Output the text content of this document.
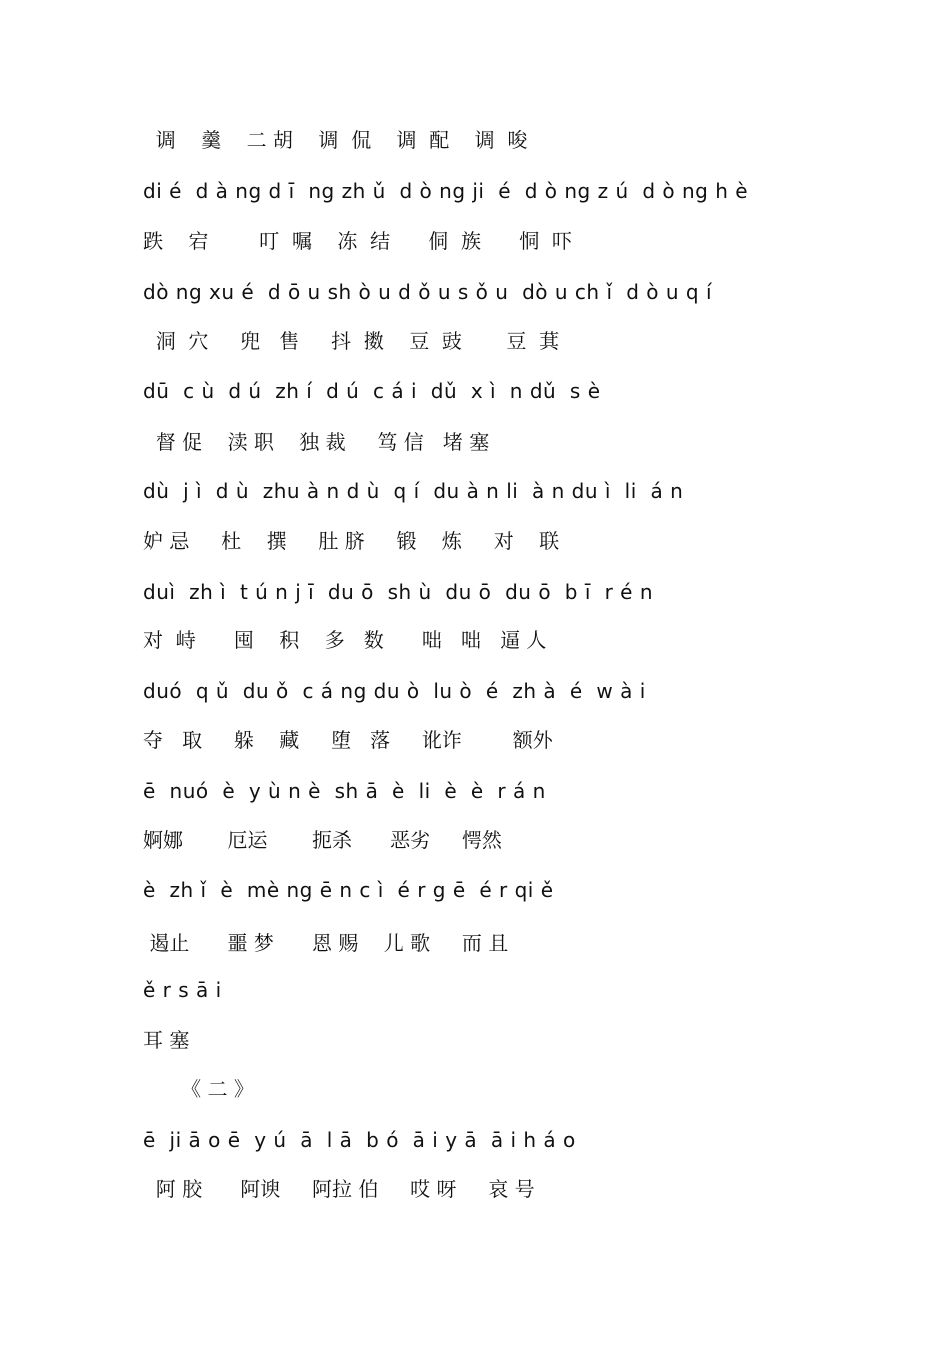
调    羹    二 胡    调  侃    调  配    调  唆
di é  d à ng d ī  ng zh ǔ  d ò ng ji  é  d ò ng z ú  d ò ng h è
跌    宕        叮  嘱    冻  结      侗  族      恫  吓
dò ng xu é  d ō u sh ò u d ǒ u s ǒ u  dò u ch ǐ  d ò u q í
洞  穴     兜   售     抖  擞    豆  豉       豆  萁
dū  c ù  d ú  zh í  d ú  c á i  dǔ  x ì  n dǔ  s è
督 促    渎 职    独 裁     笃 信   堵 塞
dù  j ì  d ù  zhu à n d ù  q í  du à n li  à n du ì  li  á n
妒 忌     杜    撰     肚 脐     锻    炼     对    联
duì  zh ì  t ú n j ī  du ō  sh ù  du ō  du ō  b ī  r é n
对  峙      囤    积    多   数      咄   咄   逼 人
duó  q ǔ  du ǒ  c á ng du ò  lu ò  é  zh à  é  w à i
夺   取     躲    藏     堕   落     讹诈        额外
ē  nuó  è  y ù n è  sh ā  è  li  è  è  r á n
婀娜       厄运       扼杀      恶劣     愕然
è  zh ǐ  è  mè ng ē n c ì  é r g ē  é r qi ě
遏止      噩 梦      恩 赐    儿 歌     而 且
ě r s ā i
耳 塞
《 二 》
ē  ji ā o ē  y ú  ā  l ā  b ó  ā i y ā  ā i h á o
阿 胶      阿谀     阿拉 伯     哎 呀     哀 号
